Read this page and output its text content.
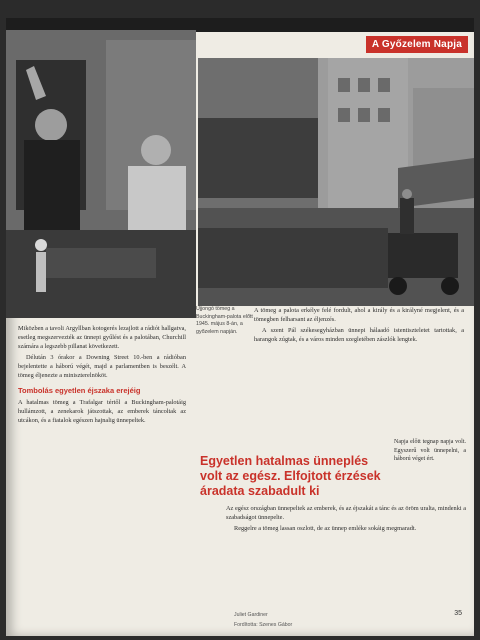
A Győzelem Napja
Ujjongó tömeg a Buckingham-palota előtt 1945. május 8-án, a győzelem napján.

Miközben a tavoli Argyllban kotogerés lezajlott a rádiót hallgatva, esetleg megszervezték az ünnepi gyűlést és a palotában, Churchill számára a legszebb pillanat következett.

Délután 3 órakor a Downing Street 10.-ben a rádióban bejelentette a háború végét, majd a parlamentben is beszélt. A tömeg éljenezte a miniszterelnököt.

Tombolás egyetlen éjszaka erejéig

A hatalmas tömeg a Trafalgar tértől a Buckingham-palotáig hullámzott, a zenekarok játszottak, az emberek táncoltak az utcákon, és a fiatalok egészen hajnalig ünnepeltek.

A tömeg a palota erkélye felé fordult, ahol a király és a királyné megjelent, és a tömegben felharsant az éljenzés.

A szent Pál székesegyházban ünnepi hálaadó istentiszteletet tartottak, a harangok zúgtak, és a város minden szegletében zászlók lengtek.

Egyetlen hatalmas ünneplés volt az egész. Elfojtott érzések áradata szabadult ki

Napja előtt tegnap napja volt. Egyszerű volt ünnepelni, a háború véget ért.

Az egész országban ünnepeltek az emberek, és az éjszakát a tánc és az öröm uralta, mindenki a szabadságot ünnepelte.

Reggelre a tömeg lassan oszlott, de az ünnep emléke sokáig megmaradt.

Juliet Gardiner
Fordította: Szenes Gábor
35
